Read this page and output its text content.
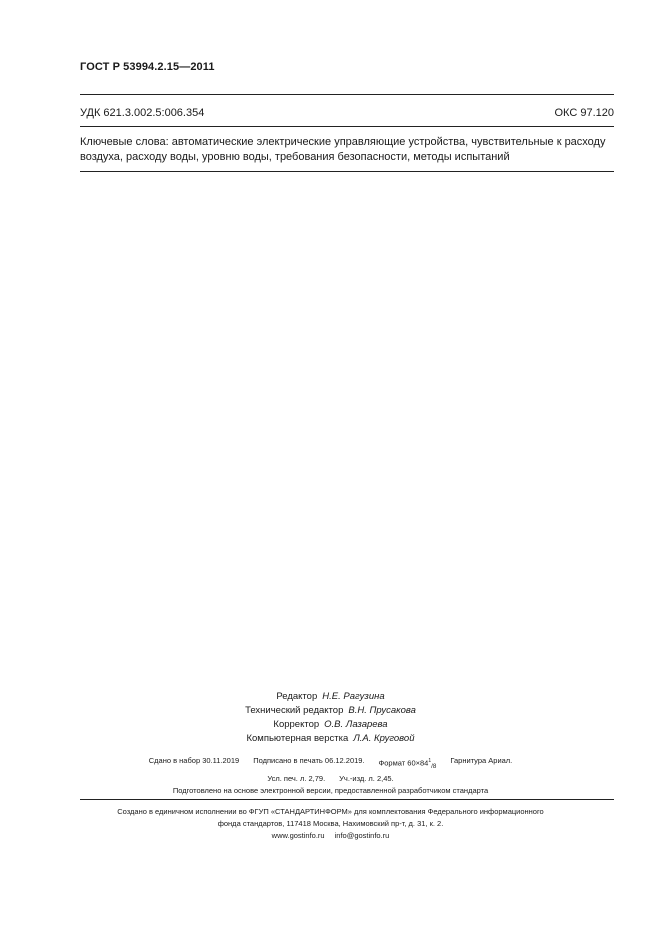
ГОСТ Р 53994.2.15—2011
УДК 621.3.002.5:006.354	ОКС 97.120
Ключевые слова: автоматические электрические управляющие устройства, чувствительные к расходу воздуха, расходу воды, уровню воды, требования безопасности, методы испытаний
Редактор Н.Е. Рагузина
Технический редактор В.Н. Прусакова
Корректор О.В. Лазарева
Компьютерная верстка Л.А. Круговой
Сдано в набор 30.11.2019 Подписано в печать 06.12.2019. Формат $60\times 84^1_{/8}$
Гарнитура Ариал.
Усл. печ. л. 2,79. Уч.-изд. л. 2,45.
Подготовлено на основе электронной версии, предоставленной разработчиком стандарта
Создано в единичном исполнении во ФГУП «СТАНДАРТИНФОРМ» для комплектования Федерального информационного
фонда стандартов, 117418 Москва, Нахимовский пр-т, д. 31, к. 2.
www.gostinfo.ru info@gostinfo.ru
